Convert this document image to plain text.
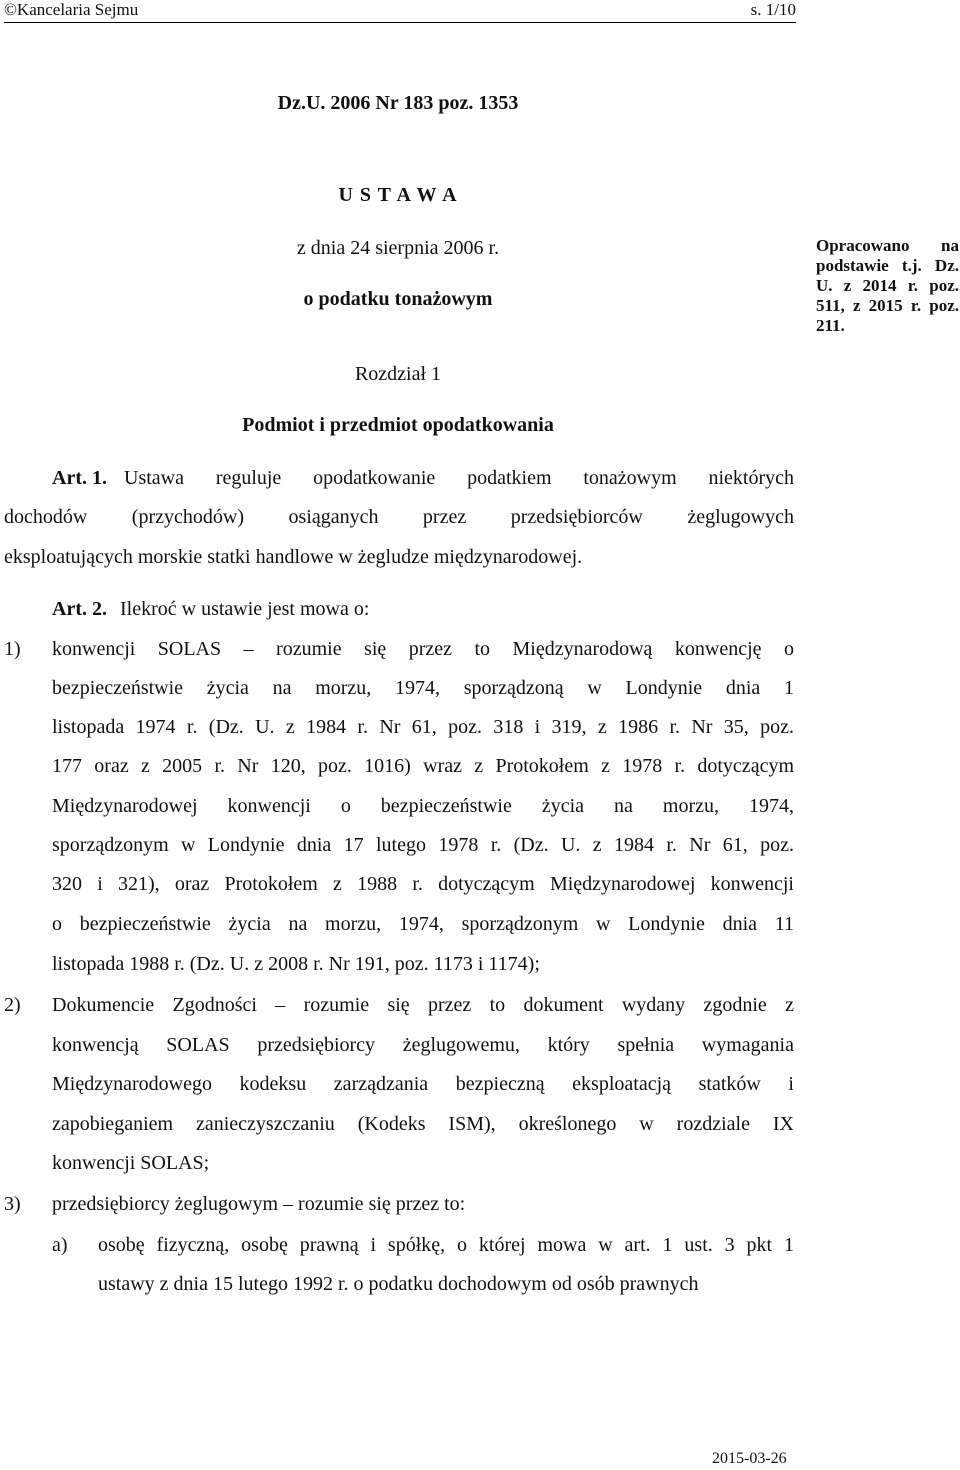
©Kancelaria Sejmu	s. 1/10
Dz.U. 2006 Nr 183 poz. 1353
U S T A W A
z dnia 24 sierpnia 2006 r.
o podatku tonażowym
Rozdział 1
Podmiot i przedmiot opodatkowania
Opracowano na podstawie t.j. Dz. U. z 2014 r. poz. 511, z 2015 r. poz. 211.
Art. 1. Ustawa reguluje opodatkowanie podatkiem tonażowym niektórych
dochodów (przychodów) osiąganych przez przedsiębiorców żeglugowych
eksploatujących morskie statki handlowe w żegludze międzynarodowej.
Art. 2. Ilekroć w ustawie jest mowa o:
1) konwencji SOLAS – rozumie się przez to Międzynarodową konwencję o
bezpieczeństwie życia na morzu, 1974, sporządzoną w Londynie dnia 1
listopada 1974 r. (Dz. U. z 1984 r. Nr 61, poz. 318 i 319, z 1986 r. Nr 35, poz.
177 oraz z 2005 r. Nr 120, poz. 1016) wraz z Protokołem z 1978 r. dotyczącym
Międzynarodowej konwencji o bezpieczeństwie życia na morzu, 1974,
sporządzonym w Londynie dnia 17 lutego 1978 r. (Dz. U. z 1984 r. Nr 61, poz.
320 i 321), oraz Protokołem z 1988 r. dotyczącym Międzynarodowej konwencji
o bezpieczeństwie życia na morzu, 1974, sporządzonym w Londynie dnia 11
listopada 1988 r. (Dz. U. z 2008 r. Nr 191, poz. 1173 i 1174);
2) Dokumencie Zgodności – rozumie się przez to dokument wydany zgodnie z
konwencją SOLAS przedsiębiorcy żeglugowemu, który spełnia wymagania
Międzynarodowego kodeksu zarządzania bezpieczną eksploatacją statków i
zapobieganiem zanieczyszczaniu (Kodeks ISM), określonego w rozdziale IX
konwencji SOLAS;
3) przedsiębiorcy żeglugowym – rozumie się przez to:
a) osobę fizyczną, osobę prawną i spółkę, o której mowa w art. 1 ust. 3 pkt 1
ustawy z dnia 15 lutego 1992 r. o podatku dochodowym od osób prawnych
2015-03-26
